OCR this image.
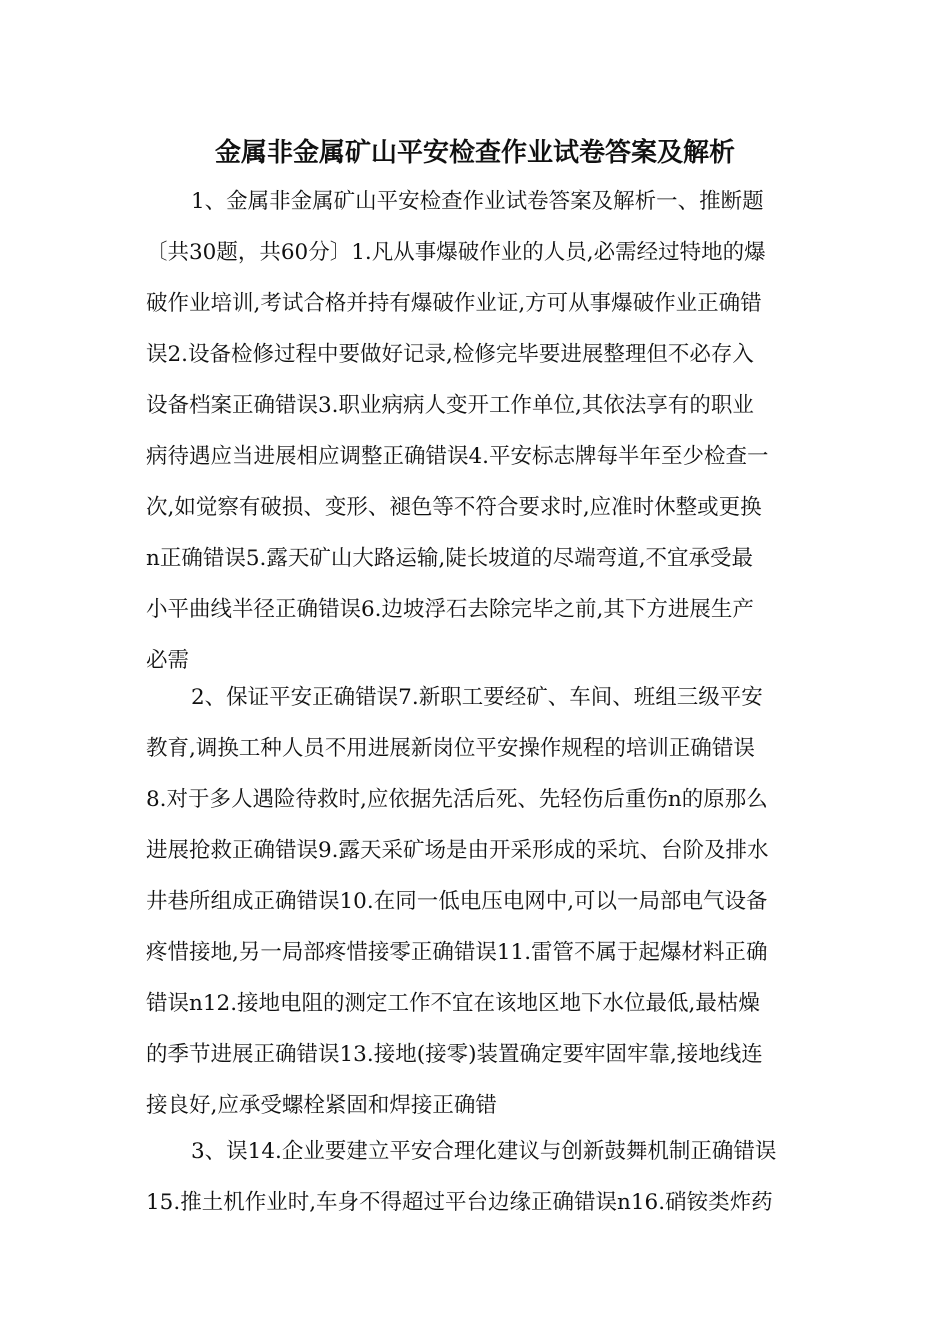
金属非金属矿山平安检查作业试卷答案及解析
1、金属非金属矿山平安检查作业试卷答案及解析一、推断题
〔共30题，共60分〕1.凡从事爆破作业的人员,必需经过特地的爆
破作业培训,考试合格并持有爆破作业证,方可从事爆破作业正确错
误2.设备检修过程中要做好记录,检修完毕要进展整理但不必存入
设备档案正确错误3.职业病病人变开工作单位,其依法享有的职业
病待遇应当进展相应调整正确错误4.平安标志牌每半年至少检查一
次,如觉察有破损、变形、褪色等不符合要求时,应准时休整或更换
n正确错误5.露天矿山大路运输,陡长坡道的尽端弯道,不宜承受最
小平曲线半径正确错误6.边坡浮石去除完毕之前,其下方进展生产
必需
2、保证平安正确错误7.新职工要经矿、车间、班组三级平安
教育,调换工种人员不用进展新岗位平安操作规程的培训正确错误
8.对于多人遇险待救时,应依据先活后死、先轻伤后重伤n的原那么
进展抢救正确错误9.露天采矿场是由开采形成的采坑、台阶及排水
井巷所组成正确错误10.在同一低电压电网中,可以一局部电气设备
疼惜接地,另一局部疼惜接零正确错误11.雷管不属于起爆材料正确
错误n12.接地电阻的测定工作不宜在该地区地下水位最低,最枯燥
的季节进展正确错误13.接地(接零)装置确定要牢固牢靠,接地线连
接良好,应承受螺栓紧固和焊接正确错
3、误14.企业要建立平安合理化建议与创新鼓舞机制正确错误
15.推土机作业时,车身不得超过平台边缘正确错误n16.硝铵类炸药
